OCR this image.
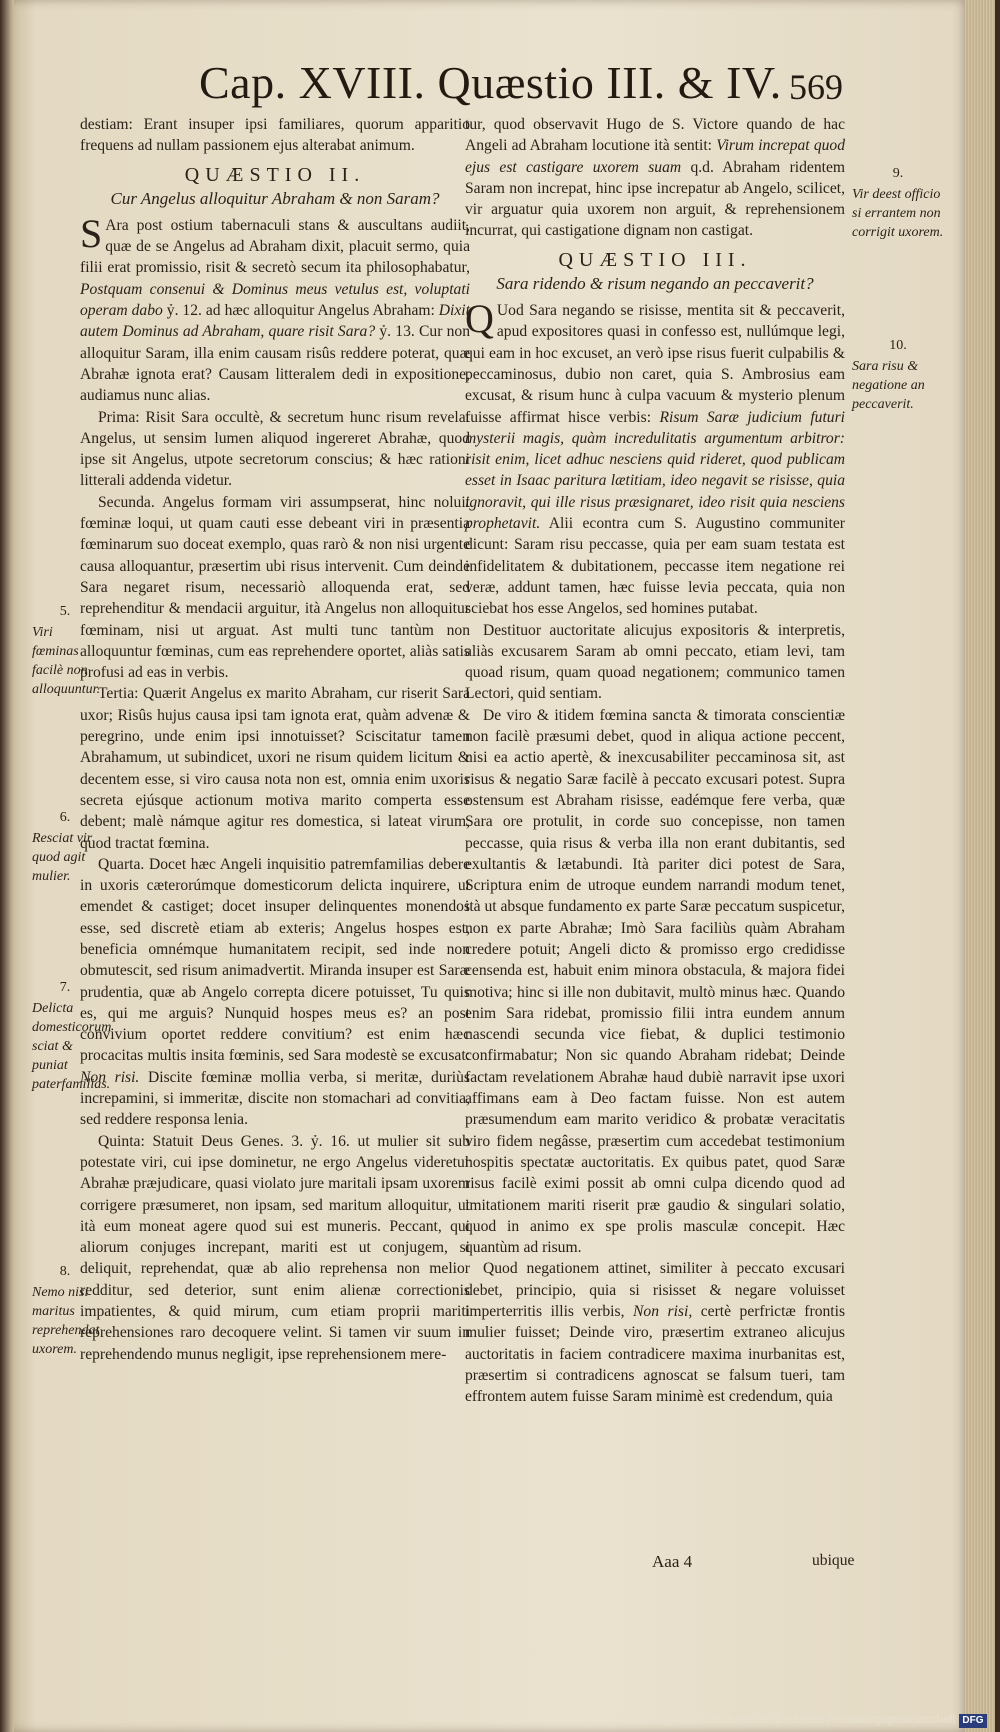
Cap. XVIII. Quæstio III. & IV. 569

destiam: Erant insuper ipsi familiares, quorum apparitio frequens ad nullam passionem ejus alterabat animum.

QUÆSTIO II.
Cur Angelus alloquitur Abraham & non Saram?

S Ara post ostium tabernaculi stans & auscultans audiit, quæ de se Angelus ad Abraham dixit, placuit sermo, quia filii erat promissio, risit & secretò secum ita philosophabatur, Postquam consenui & Dominus meus vetulus est, voluptati operam dabo ỷ. 12. ad hæc alloquitur Angelus Abraham: Dixit autem Dominus ad Abraham, quare risit Sara? ỷ. 13. Cur non alloquitur Saram, illa enim causam risûs reddere poterat, quæ Abrahæ ignota erat? Causam litteralem dedi in expositione, audiamus nunc alias.

Prima: Risit Sara occultè, & secretum hunc risum revelat Angelus, ut sensim lumen aliquod ingereret Abrahæ, quod ipse sit Angelus, utpote secretorum conscius; & hæc rationi litterali addenda videtur.

Secunda. Angelus formam viri assumpserat, hinc noluit fœminæ loqui, ut quam cauti esse debeant viri in præsentia fœminarum suo doceat exemplo, quas rarò & non nisi urgente causa alloquantur, præsertim ubi risus intervenit. Cum deinde Sara negaret risum, necessariò alloquenda erat, sed reprehenditur & mendacii arguitur, ità Angelus non alloquitur fœminam, nisi ut arguat. Ast multi tunc tantùm non alloquuntur fœminas, cum eas reprehendere oportet, aliàs satis profusi ad eas in verbis.

Tertia: Quærit Angelus ex marito Abraham, cur riserit Sara uxor; Risûs hujus causa ipsi tam ignota erat, quàm advenæ & peregrino, unde enim ipsi innotuisset? Sciscitatur tamen Abrahamum, ut subindicet, uxori ne risum quidem licitum & decentem esse, si viro causa nota non est, omnia enim uxoris secreta ejúsque actionum motiva marito comperta esse debent; malè námque agitur res domestica, si lateat virum, quod tractat fœmina.

Quarta. Docet hæc Angeli inquisitio patremfamilias debere in uxoris cæterorúmque domesticorum delicta inquirere, ut emendet & castiget; docet insuper delinquentes monendos esse, sed discretè etiam ab exteris; Angelus hospes est, beneficia omnémque humanitatem recipit, sed inde non obmutescit, sed risum animadvertit. Miranda insuper est Saræ prudentia, quæ ab Angelo correpta dicere potuisset, Tu quis es, qui me arguis? Nunquid hospes meus es? an post convivium oportet reddere convitium? est enim hæc procacitas multis insita fœminis, sed Sara modestè se excusat: Non risi. Discite fœminæ mollia verba, si meritæ, duriùs increpamini, si immeritæ, discite non stomachari ad convitia, sed reddere responsa lenia.

Quinta: Statuit Deus Genes. 3. ỷ. 16. ut mulier sit sub potestate viri, cui ipse dominetur, ne ergo Angelus videretur Abrahæ præjudicare, quasi violato jure maritali ipsam uxorem corrigere præsumeret, non ipsam, sed maritum alloquitur, ut ità eum moneat agere quod sui est muneris. Peccant, qui aliorum conjuges increpant, mariti est ut conjugem, si deliquit, reprehendat, quæ ab alio reprehensa non melior redditur, sed deterior, sunt enim alienæ correctionis impatientes, & quid mirum, cum etiam proprii mariti reprehensiones raro decoquere velint. Si tamen vir suum in reprehendendo munus negligit, ipse reprehensionem mere-

tur, quod observavit Hugo de S. Victore quando de hac Angeli ad Abraham locutione ità sentit: Virum increpat quod ejus est castigare uxorem suam q.d. Abraham ridentem Saram non increpat, hinc ipse increpatur ab Angelo, scilicet, vir arguatur quia uxorem non arguit, & reprehensionem incurrat, qui castigatione dignam non castigat.

QUÆSTIO III.
Sara ridendo & risum negando an peccaverit?

Q Uod Sara negando se risisse, mentita sit & peccaverit, apud expositores quasi in confesso est, nullúmque legi, qui eam in hoc excuset, an verò ipse risus fuerit culpabilis & peccaminosus, dubio non caret, quia S. Ambrosius eam excusat, & risum hunc à culpa vacuum & mysterio plenum fuisse affirmat hisce verbis: Risum Saræ judicium futuri mysterii magis, quàm incredulitatis argumentum arbitror: risit enim, licet adhuc nesciens quid rideret, quod publicam esset in Isaac paritura lætitiam, ideo negavit se risisse, quia ignoravit, qui ille risus præsignaret, ideo risit quia nesciens prophetavit. Alii econtra cum S. Augustino communiter dicunt: Saram risu peccasse, quia per eam suam testata est infidelitatem & dubitationem, peccasse item negatione rei veræ, addunt tamen, hæc fuisse levia peccata, quia non sciebat hos esse Angelos, sed homines putabat.

Destituor auctoritate alicujus expositoris & interpretis, aliàs excusarem Saram ab omni peccato, etiam levi, tam quoad risum, quam quoad negationem; communico tamen Lectori, quid sentiam.

De viro & itidem fœmina sancta & timorata conscientiæ non facilè præsumi debet, quod in aliqua actione peccent, nisi ea actio apertè, & inexcusabiliter peccaminosa sit, ast risus & negatio Saræ facilè à peccato excusari potest. Supra ostensum est Abraham risisse, eadémque fere verba, quæ Sara ore protulit, in corde suo concepisse, non tamen peccasse, quia risus & verba illa non erant dubitantis, sed exultantis & lætabundi. Ità pariter dici potest de Sara, Scriptura enim de utroque eundem narrandi modum tenet, ità ut absque fundamento ex parte Saræ peccatum suspicetur, non ex parte Abrahæ; Imò Sara faciliùs quàm Abraham credere potuit; Angeli dicto & promisso ergo credidisse censenda est, habuit enim minora obstacula, & majora fidei motiva; hinc si ille non dubitavit, multò minus hæc. Quando enim Sara ridebat, promissio filii intra eundem annum nascendi secunda vice fiebat, & duplici testimonio confirmabatur; Non sic quando Abraham ridebat; Deinde factam revelationem Abrahæ haud dubiè narravit ipse uxori affimans eam à Deo factam fuisse. Non est autem præsumendum eam marito veridico & probatæ veracitatis viro fidem negâsse, præsertim cum accedebat testimonium hospitis spectatæ auctoritatis. Ex quibus patet, quod Saræ risus facilè eximi possit ab omni culpa dicendo quod ad imitationem mariti riserit præ gaudio & singulari solatio, quod in animo ex spe prolis masculæ concepit. Hæc quantùm ad risum.

Quod negationem attinet, similiter à peccato excusari debet, principio, quia si risisset & negare voluisset imperterritis illis verbis, Non risi, certè perfrictæ frontis mulier fuisset; Deinde viro, præsertim extraneo alicujus auctoritatis in faciem contradicere maxima inurbanitas est, præsertim si contradicens agnoscat se falsum tueri, tam effrontem autem fuisse Saram minimè est credendum, quia

5.
Viri fœminas facilè non alloquuntur.
6.
Resciat vir quod agit mulier.
7.
Delicta domesticorum sciat & puniat paterfamilias.
8.
Nemo nisi maritus reprehendat uxorem.
9.
Vir deest officio si errantem non corrigit uxorem.
10.
Sara risu & negatione an peccaverit.
Aaa 4	ubique
Digitalisierung gefördert durch die Deutsche Forschungsgemeinschaft DFG
